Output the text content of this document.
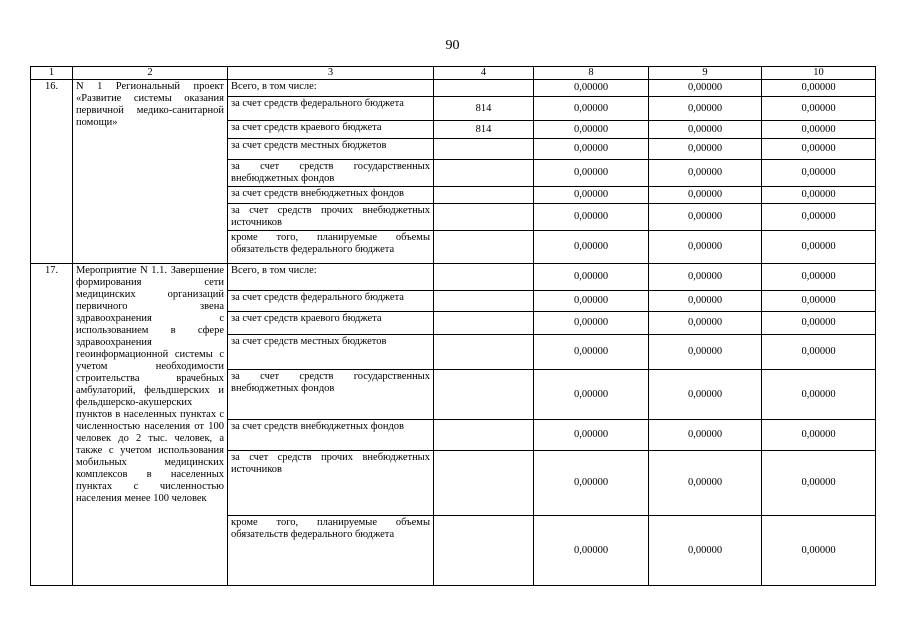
90
1	2	3	4	8	9	10
16.	N 1 Региональный проект «Развитие системы оказания первичной медико-санитарной помощи»	Всего, в том числе:		0,00000	0,00000	0,00000
		за счет средств федерального бюджета	814	0,00000	0,00000	0,00000
		за счет средств краевого бюджета	814	0,00000	0,00000	0,00000
		за счет средств местных бюджетов		0,00000	0,00000	0,00000
		за счет средств государственных внебюджетных фондов		0,00000	0,00000	0,00000
		за счет средств внебюджетных фондов		0,00000	0,00000	0,00000
		за счет средств прочих внебюджетных источников		0,00000	0,00000	0,00000
		кроме того, планируемые объемы обязательств федерального бюджета		0,00000	0,00000	0,00000
17.	Мероприятие N 1.1. Завершение формирования сети медицинских организаций первичного звена здравоохранения с использованием в сфере здравоохранения геоинформационной системы с учетом необходимости строительства врачебных амбулаторий, фельдшерских и фельдшерско-акушерских пунктов в населенных пунктах с численностью населения от 100 человек до 2 тыс. человек, а также с учетом использования мобильных медицинских комплексов в населенных пунктах с численностью населения менее 100 человек	Всего, в том числе:		0,00000	0,00000	0,00000
		за счет средств федерального бюджета		0,00000	0,00000	0,00000
		за счет средств краевого бюджета		0,00000	0,00000	0,00000
		за счет средств местных бюджетов		0,00000	0,00000	0,00000
		за счет средств государственных внебюджетных фондов		0,00000	0,00000	0,00000
		за счет средств внебюджетных фондов		0,00000	0,00000	0,00000
		за счет средств прочих внебюджетных источников		0,00000	0,00000	0,00000
		кроме того, планируемые объемы обязательств федерального бюджета		0,00000	0,00000	0,00000
